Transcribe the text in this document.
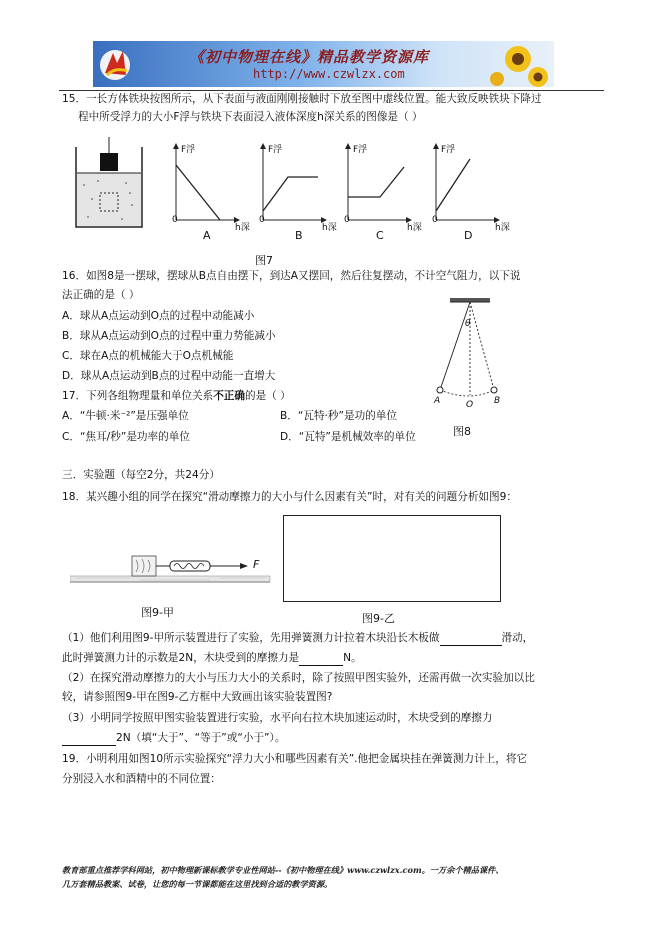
《初中物理在线》精品教学资源库
http://www.czwlzx.com
15．一长方体铁块按图所示，从下表面与液面刚刚接触时下放至图中虚线位置。能大致反映铁块下降过
程中所受浮力的大小F浮与铁块下表面浸入液体深度h深关系的图像是（ ）
F浮	F浮	F浮	F浮
0	0	0	0
h深	h深	h深	h深
A	B	C	D
图7
16．如图8是一摆球，摆球从B点自由摆下，到达A又摆回，然后往复摆动，不计空气阻力，以下说
法正确的是（ ）
A．球从A点运动到O点的过程中动能减小
B．球从A点运动到O点的过程中重力势能减小
C．球在A点的机械能大于O点机械能
D．球从A点运动到B点的过程中动能一直增大
θ
A	O B
图8
17．下列各组物理量和单位关系不正确的是（ ）
A．“牛顿·米⁻²”是压强单位	B．“瓦特·秒”是功的单位
C．“焦耳/秒”是功率的单位	D．“瓦特”是机械效率的单位
三．实验题（每空2分，共24分）
18．某兴趣小组的同学在探究“滑动摩擦力的大小与什么因素有关”时，对有关的问题分析如图9：
F
图9-甲	图9-乙
（1）他们利用图9-甲所示装置进行了实验，先用弹簧测力计拉着木块沿长木板做	滑动，
此时弹簧测力计的示数是2N，木块受到的摩擦力是	N。
（2）在探究滑动摩擦力的大小与压力大小的关系时，除了按照甲图实验外，还需再做一次实验加以比
较，请参照图9-甲在图9-乙方框中大致画出该实验装置图?
（3）小明同学按照甲图实验装置进行实验，水平向右拉木块加速运动时，木块受到的摩擦力
2N（填“大于”、“等于”或“小于”）。
19．小明利用如图10所示实验探究“浮力大小和哪些因素有关”.他把金属块挂在弹簧测力计上，将它
分别浸入水和酒精中的不同位置：
教育部重点推荐学科网站，初中物理新课标教学专业性网站--《初中物理在线》www.czwlzx.com。一万余个精品课件、
几万套精品教案、试卷，让您的每一节课都能在这里找到合适的教学资源。
